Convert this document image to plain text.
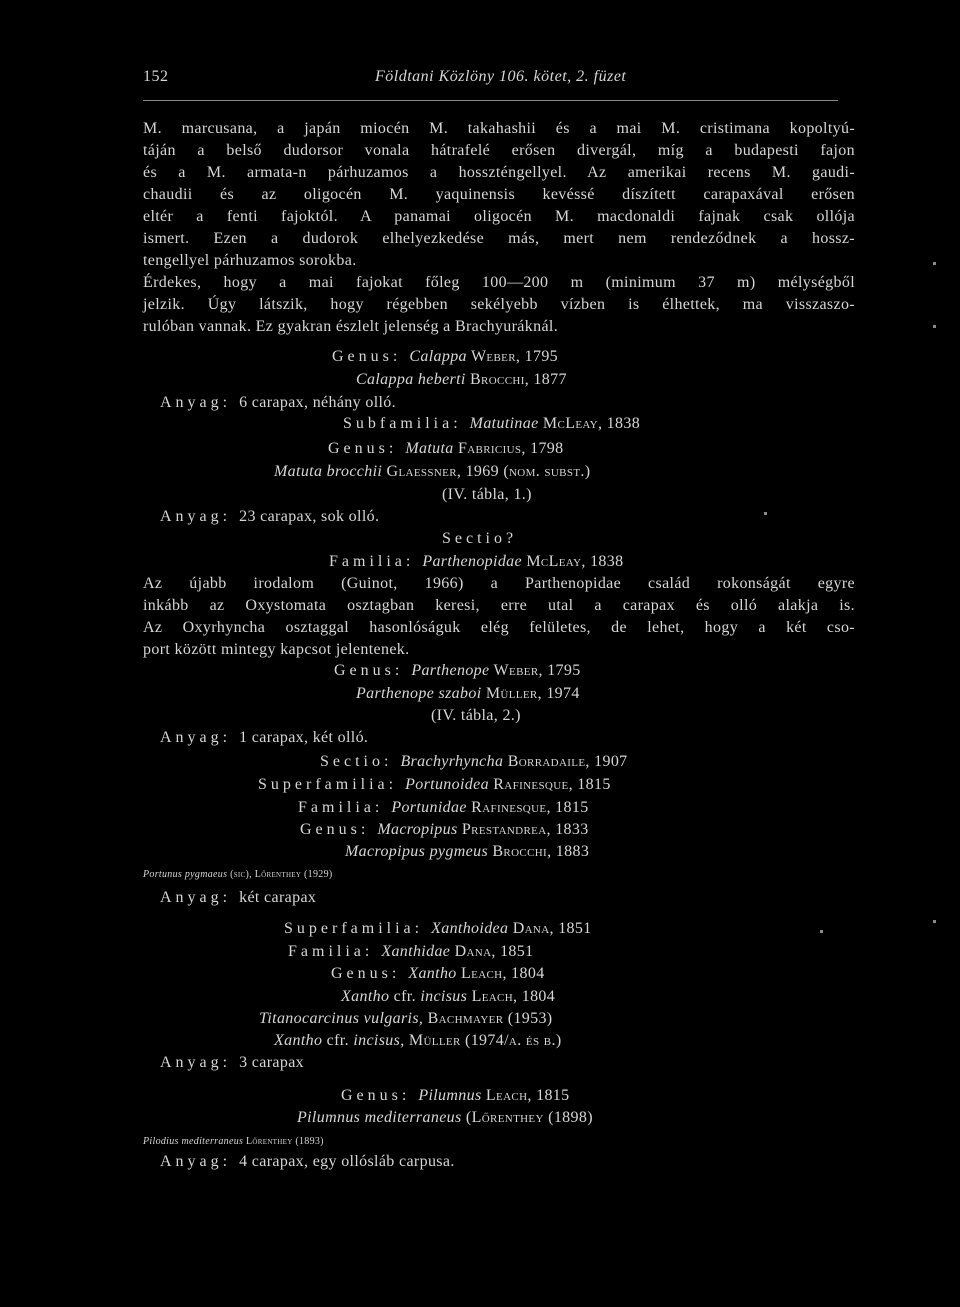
152	Földtani Közlöny 106. kötet, 2. füzet

M. marcusana, a japán miocén M. takahashii és a mai M. cristimana kopoltyú-

táján a belső dudorsor vonala hátrafelé erősen divergál, míg a budapesti fajon

és a M. armata-n párhuzamos a hosszténgellyel. Az amerikai recens M. gaudi-

chaudii és az oligocén M. yaquinensis kevéssé díszített carapaxával erősen

eltér a fenti fajoktól. A panamai oligocén M. macdonaldi fajnak csak ollója

ismert. Ezen a dudorok elhelyezkedése más, mert nem rendeződnek a hossz-

tengellyel párhuzamos sorokba.

Érdekes, hogy a mai fajokat főleg 100—200 m (minimum 37 m) mélységből

jelzik. Úgy látszik, hogy régebben sekélyebb vízben is élhettek, ma visszaszo-

rulóban vannak. Ez gyakran észlelt jelenség a Brachyuráknál.

Genus: Calappa Weber, 1795
Calappa heberti Brocchi, 1877
Anyag: 6 carapax, néhány olló.
Subfamilia: Matutinae McLeay, 1838
Genus: Matuta Fabricius, 1798
Matuta brocchii Glaessner, 1969 (nom. subst.)
(IV. tábla, 1.)
Anyag: 23 carapax, sok olló.
Sectio?
Familia: Parthenopidae McLeay, 1838

Az újabb irodalom (Guinot, 1966) a Parthenopidae család rokonságát egyre

inkább az Oxystomata osztagban keresi, erre utal a carapax és olló alakja is.

Az Oxyrhyncha osztaggal hasonlóságuk elég felületes, de lehet, hogy a két cso-

port között mintegy kapcsot jelentenek.

Genus: Parthenope Weber, 1795
Parthenope szaboi Müller, 1974
(IV. tábla, 2.)
Anyag: 1 carapax, két olló.
Sectio: Brachyrhyncha Borradaile, 1907
Superfamilia: Portunoidea Rafinesque, 1815
Familia: Portunidae Rafinesque, 1815
Genus: Macropipus Prestandrea, 1833
Macropipus pygmeus Brocchi, 1883
Portunus pygmaeus (sic), Lőrenthey (1929)
Anyag: két carapax
Superfamilia: Xanthoidea Dana, 1851
Familia: Xanthidae Dana, 1851
Genus: Xantho Leach, 1804
Xantho cfr. incisus Leach, 1804
Titanocarcinus vulgaris, Bachmayer (1953)
Xantho cfr. incisus, Müller (1974/a. és b.)
Anyag: 3 carapax
Genus: Pilumnus Leach, 1815
Pilumnus mediterraneus (Lőrenthey (1898)
Pilodius mediterraneus Lőrenthey (1893)
Anyag: 4 carapax, egy ollósláb carpusa.
